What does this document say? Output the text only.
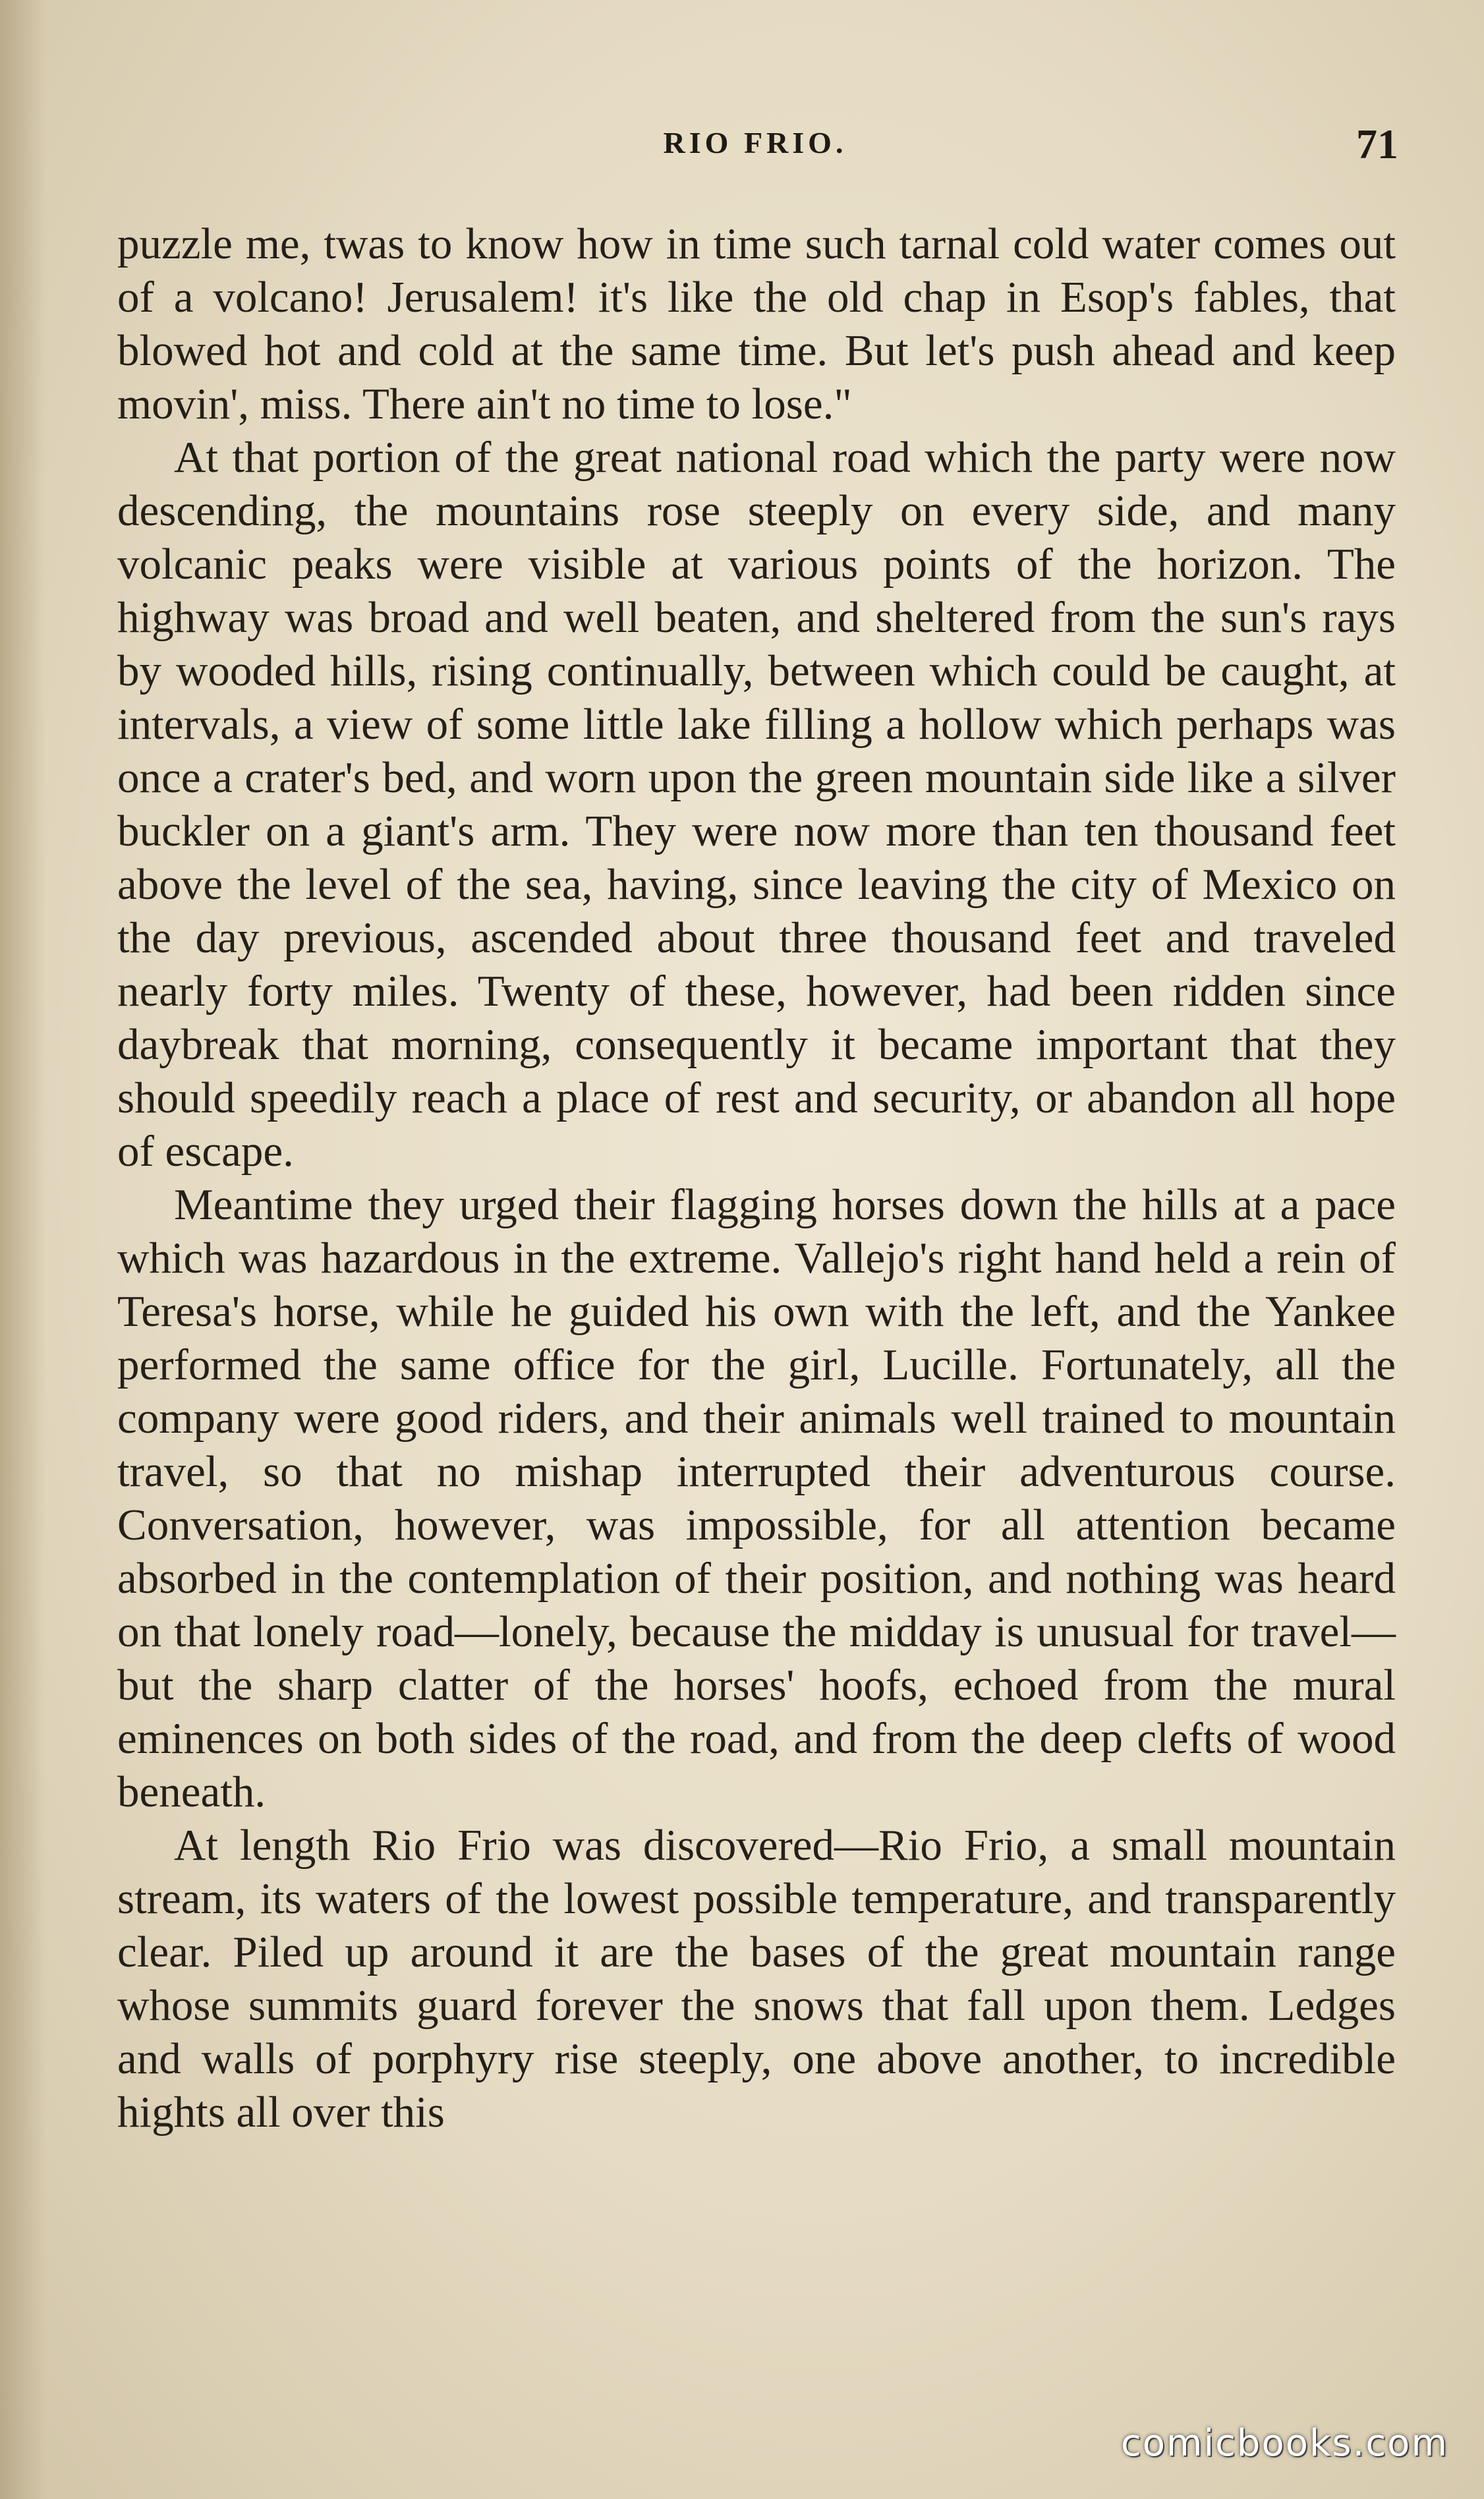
RIO FRIO.	71

puzzle me, twas to know how in time such tarnal cold water comes out of a volcano! Jerusalem! it's like the old chap in Esop's fables, that blowed hot and cold at the same time. But let's push ahead and keep movin', miss. There ain't no time to lose."

At that portion of the great national road which the party were now descending, the mountains rose steeply on every side, and many volcanic peaks were visible at various points of the horizon. The highway was broad and well beaten, and sheltered from the sun's rays by wooded hills, rising continually, between which could be caught, at intervals, a view of some little lake filling a hollow which perhaps was once a crater's bed, and worn upon the green mountain side like a silver buckler on a giant's arm. They were now more than ten thousand feet above the level of the sea, having, since leaving the city of Mexico on the day previous, ascended about three thousand feet and traveled nearly forty miles. Twenty of these, however, had been ridden since daybreak that morning, consequently it became important that they should speedily reach a place of rest and security, or abandon all hope of escape.

Meantime they urged their flagging horses down the hills at a pace which was hazardous in the extreme. Vallejo's right hand held a rein of Teresa's horse, while he guided his own with the left, and the Yankee performed the same office for the girl, Lucille. Fortunately, all the company were good riders, and their animals well trained to mountain travel, so that no mishap interrupted their adventurous course. Conversation, however, was impossible, for all attention became absorbed in the contemplation of their position, and nothing was heard on that lonely road—lonely, because the midday is unusual for travel—but the sharp clatter of the horses' hoofs, echoed from the mural eminences on both sides of the road, and from the deep clefts of wood beneath.

At length Rio Frio was discovered—Rio Frio, a small mountain stream, its waters of the lowest possible temperature, and transparently clear. Piled up around it are the bases of the great mountain range whose summits guard forever the snows that fall upon them. Ledges and walls of porphyry rise steeply, one above another, to incredible hights all over this

comicbooks.com
